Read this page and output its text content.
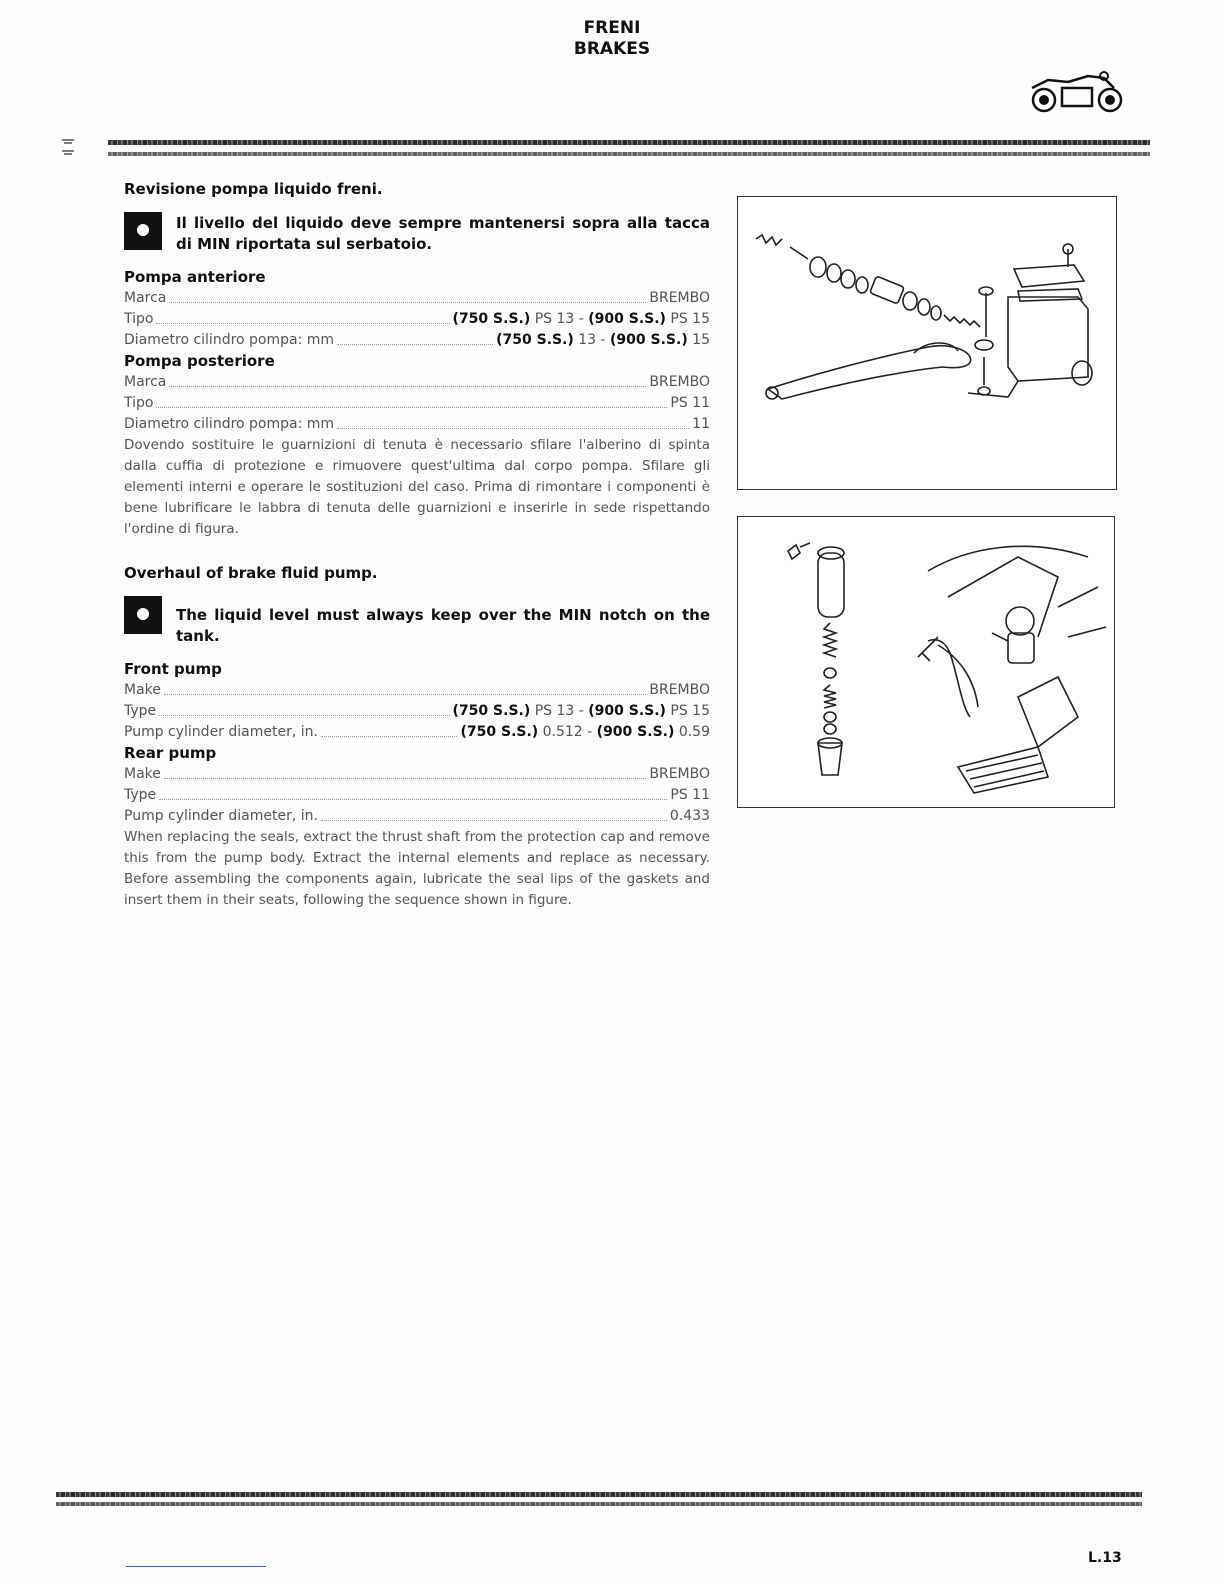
FRENI
BRAKES
Revisione pompa liquido freni.
Il livello del liquido deve sempre mantenersi sopra alla tacca di MIN riportata sul serbatoio.
Pompa anteriore
Marca	BREMBO
Tipo	(750 S.S.) PS 13 - (900 S.S.) PS 15
Diametro cilindro pompa: mm	(750 S.S.) 13 - (900 S.S.) 15
Pompa posteriore
Marca	BREMBO
Tipo	PS 11
Diametro cilindro pompa: mm	11

Dovendo sostituire le guarnizioni di tenuta è necessario sfilare l'alberino di spinta dalla cuffia di protezione e rimuovere quest'ultima dal corpo pompa. Sfilare gli elementi interni e operare le sostituzioni del caso. Prima di rimontare i componenti è bene lubrificare le labbra di tenuta delle guarnizioni e inserirle in sede rispettando l'ordine di figura.

Overhaul of brake fluid pump.
The liquid level must always keep over the MIN notch on the tank.
Front pump
Make	BREMBO
Type	(750 S.S.) PS 13 - (900 S.S.) PS 15
Pump cylinder diameter, in.	(750 S.S.) 0.512 - (900 S.S.) 0.59
Rear pump
Make	BREMBO
Type	PS 11
Pump cylinder diameter, in.	0.433

When replacing the seals, extract the thrust shaft from the protection cap and remove this from the pump body. Extract the internal elements and replace as necessary. Before assembling the components again, lubricate the seal lips of the gaskets and insert them in their seats, following the sequence shown in figure.

L.13
